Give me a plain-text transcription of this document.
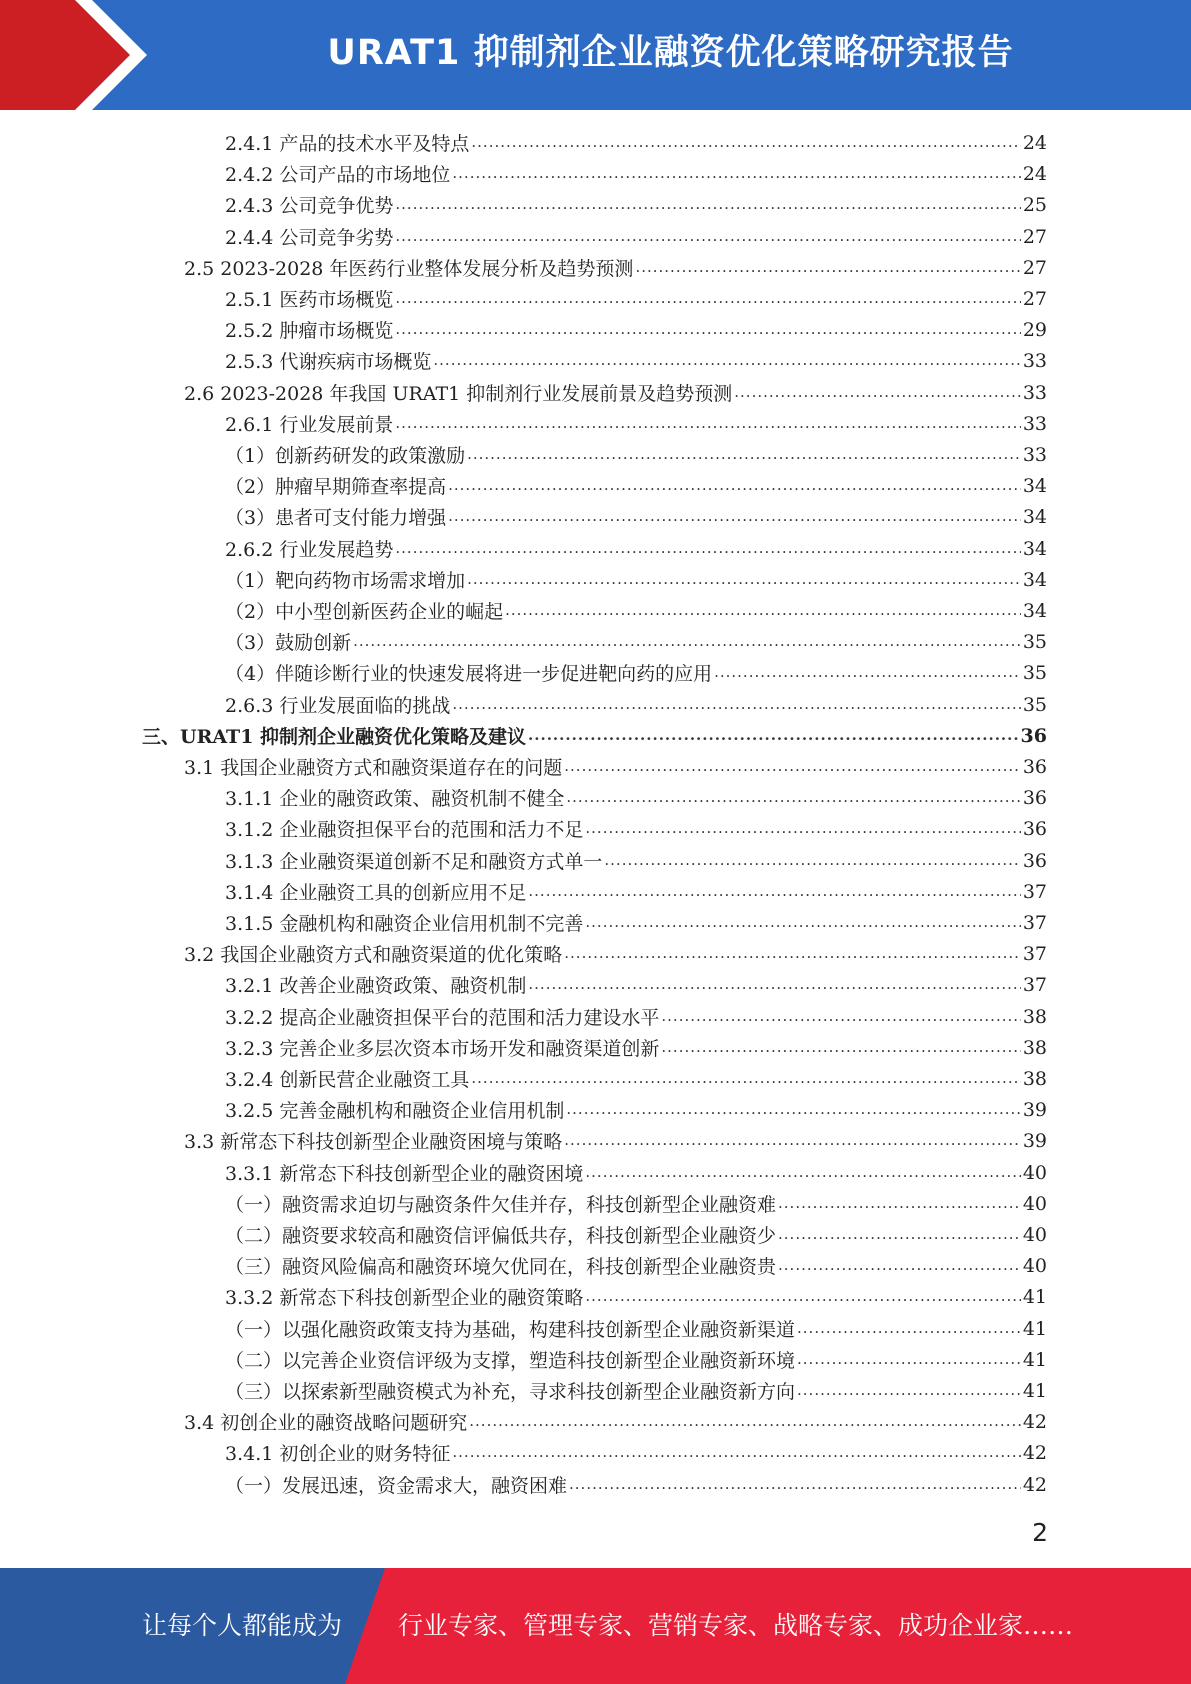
URAT1 抑制剂企业融资优化策略研究报告
2.4.1 产品的技术水平及特点 .....	24
2.4.2 公司产品的市场地位 .....	24
2.4.3 公司竞争优势 .....	25
2.4.4 公司竞争劣势 .....	27
2.5 2023-2028 年医药行业整体发展分析及趋势预测 .....	27
2.5.1 医药市场概览 .....	27
2.5.2 肿瘤市场概览 .....	29
2.5.3 代谢疾病市场概览 .....	33
2.6 2023-2028 年我国 URAT1 抑制剂行业发展前景及趋势预测 .....	33
2.6.1 行业发展前景 .....	33
（1）创新药研发的政策激励 .....	33
（2）肿瘤早期筛查率提高 .....	34
（3）患者可支付能力增强 .....	34
2.6.2 行业发展趋势 .....	34
（1）靶向药物市场需求增加 .....	34
（2）中小型创新医药企业的崛起 .....	34
（3）鼓励创新 .....	35
（4）伴随诊断行业的快速发展将进一步促进靶向药的应用 .....	35
2.6.3 行业发展面临的挑战 .....	35
三、URAT1 抑制剂企业融资优化策略及建议 .....	36
3.1 我国企业融资方式和融资渠道存在的问题 .....	36
3.1.1 企业的融资政策、融资机制不健全 .....	36
3.1.2 企业融资担保平台的范围和活力不足 .....	36
3.1.3 企业融资渠道创新不足和融资方式单一 .....	36
3.1.4 企业融资工具的创新应用不足 .....	37
3.1.5 金融机构和融资企业信用机制不完善 .....	37
3.2 我国企业融资方式和融资渠道的优化策略 .....	37
3.2.1 改善企业融资政策、融资机制 .....	37
3.2.2 提高企业融资担保平台的范围和活力建设水平 .....	38
3.2.3 完善企业多层次资本市场开发和融资渠道创新 .....	38
3.2.4 创新民营企业融资工具 .....	38
3.2.5 完善金融机构和融资企业信用机制 .....	39
3.3 新常态下科技创新型企业融资困境与策略 .....	39
3.3.1 新常态下科技创新型企业的融资困境 .....	40
（一）融资需求迫切与融资条件欠佳并存，科技创新型企业融资难 .....	40
（二）融资要求较高和融资信评偏低共存，科技创新型企业融资少 .....	40
（三）融资风险偏高和融资环境欠优同在，科技创新型企业融资贵 .....	40
3.3.2 新常态下科技创新型企业的融资策略 .....	41
（一）以强化融资政策支持为基础，构建科技创新型企业融资新渠道 .....	41
（二）以完善企业资信评级为支撑，塑造科技创新型企业融资新环境 .....	41
（三）以探索新型融资模式为补充，寻求科技创新型企业融资新方向 .....	41
3.4 初创企业的融资战略问题研究 .....	42
3.4.1 初创企业的财务特征 .....	42
（一）发展迅速，资金需求大，融资困难 .....	42
2
让每个人都能成为 行业专家、管理专家、营销专家、战略专家、成功企业家……
